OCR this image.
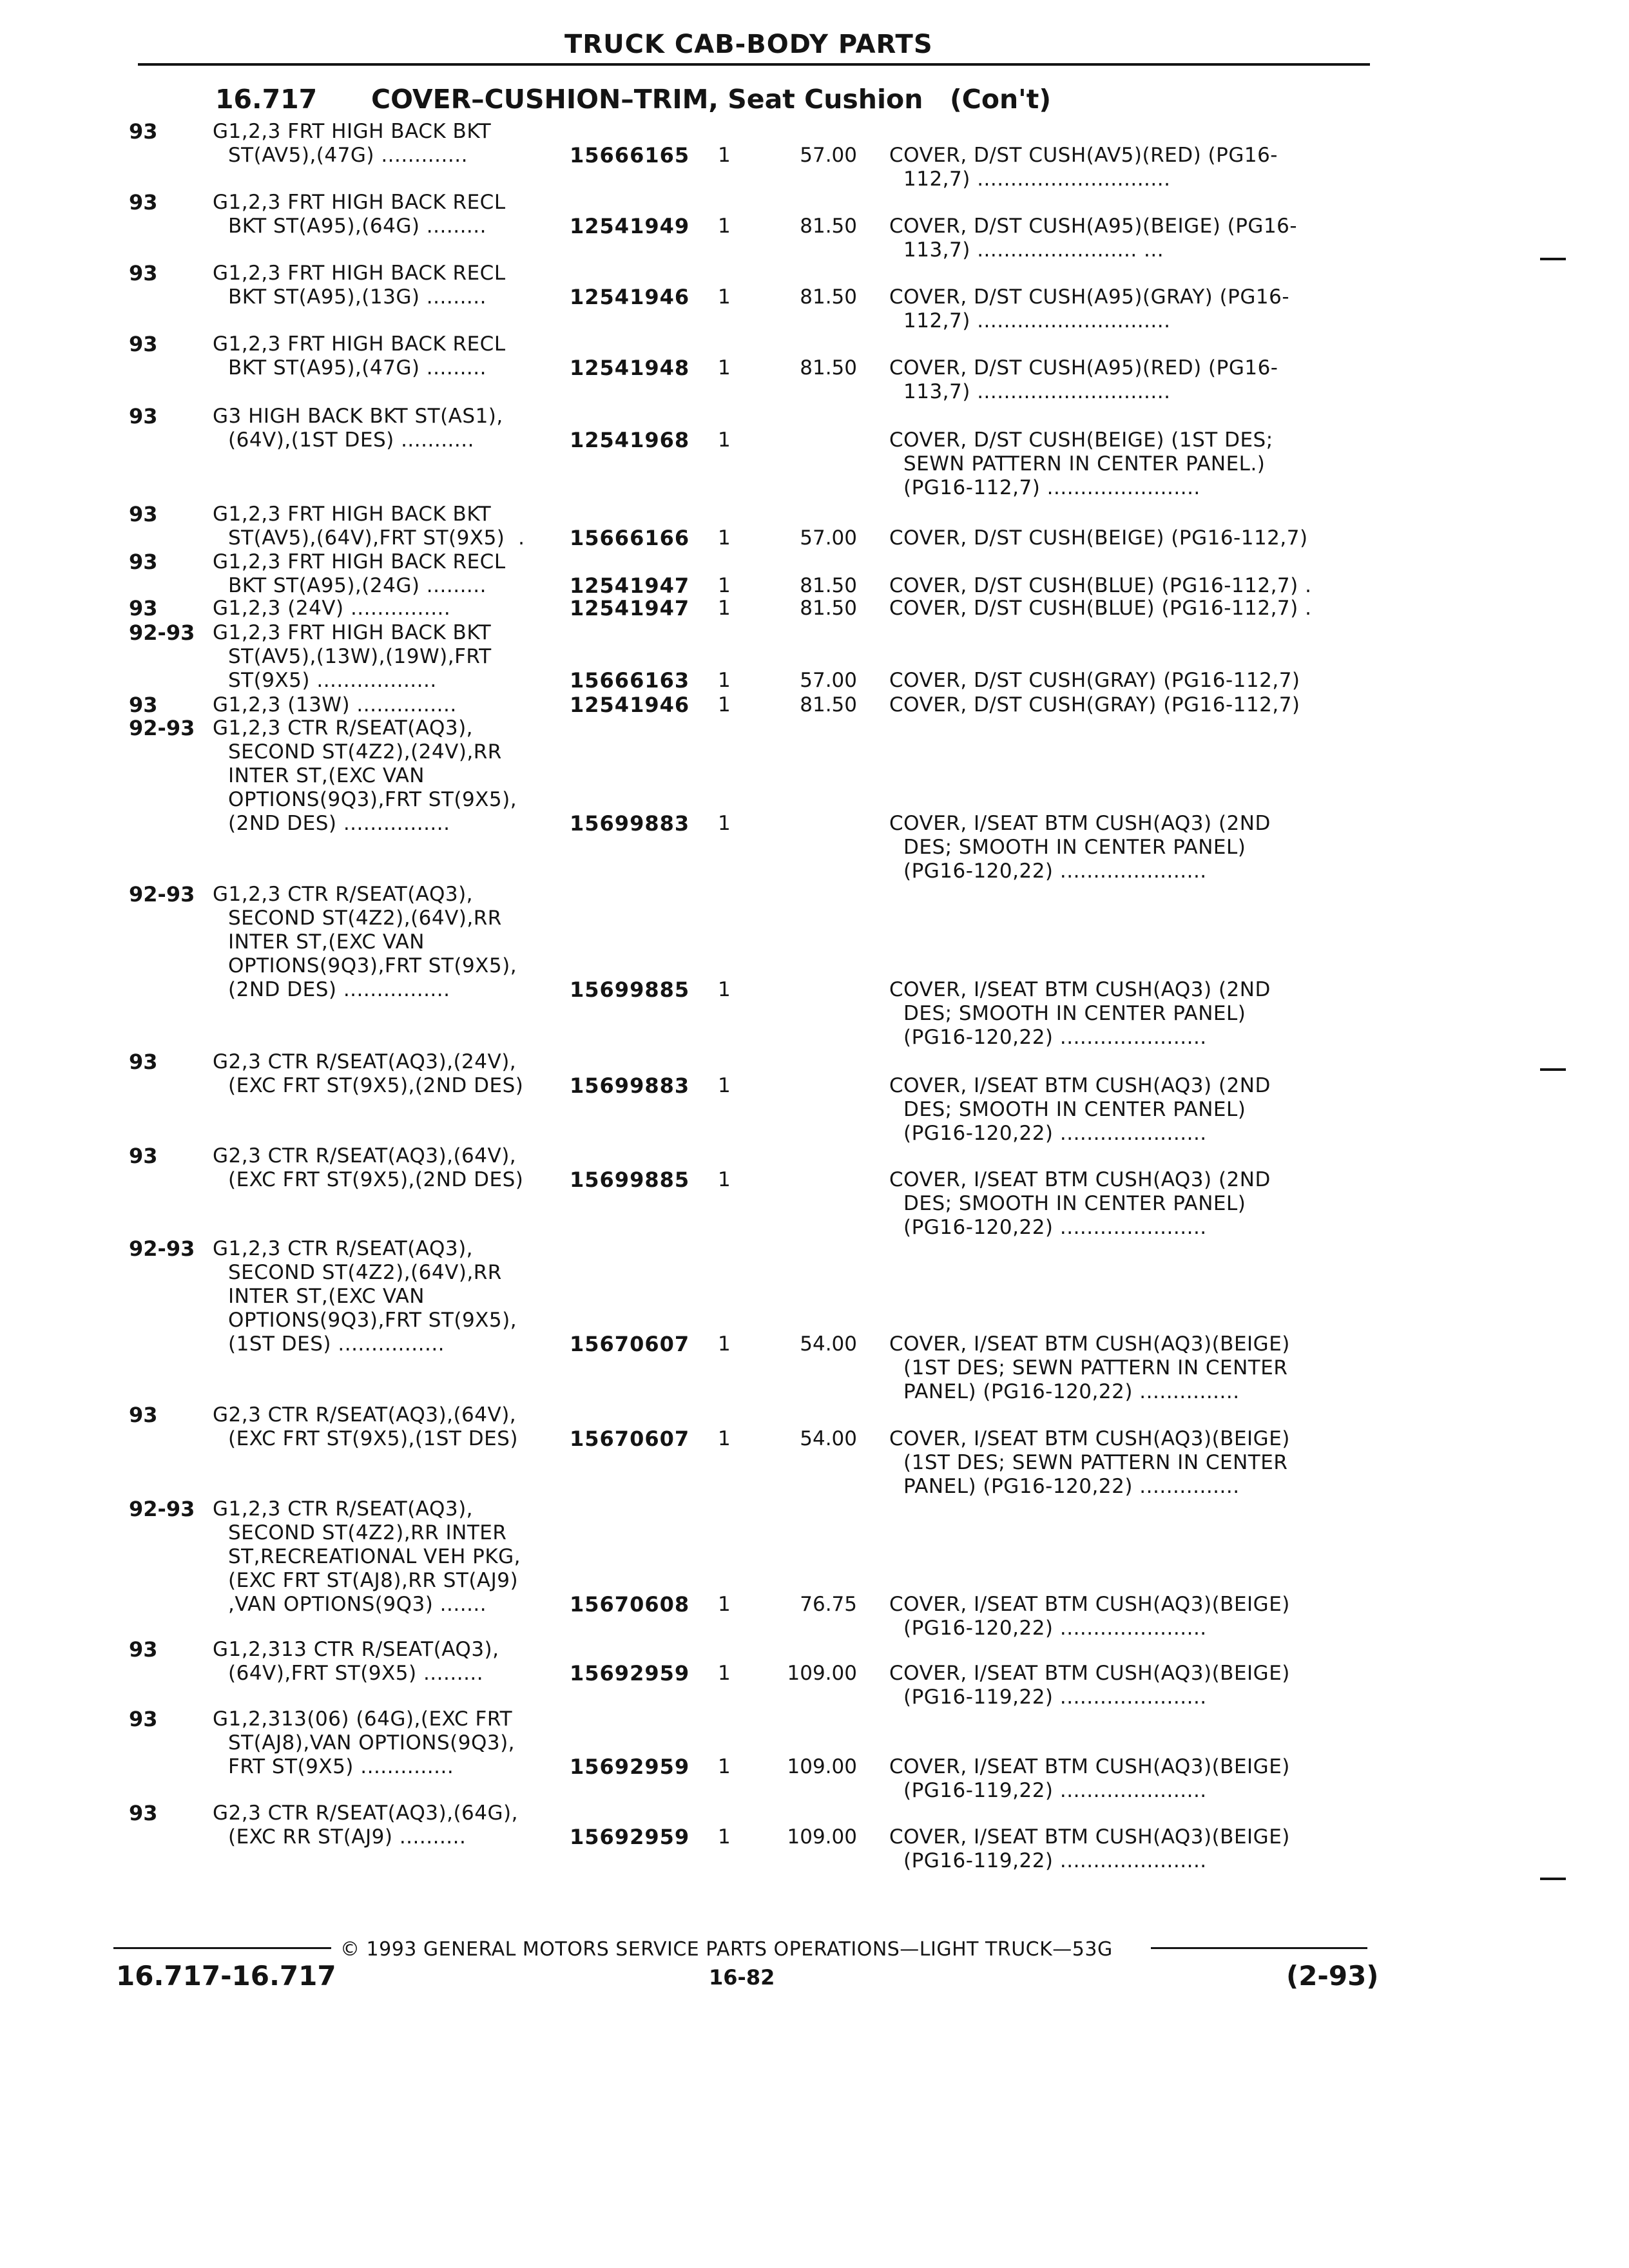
TRUCK CAB-BODY PARTS
16.717 COVER–CUSHION–TRIM, Seat Cushion (Con't)
93	G1,2,3 FRT HIGH BACK BKT
ST(AV5),(47G) .............	15666165 1	57.00 COVER, D/ST CUSH(AV5)(RED) (PG16-
112,7) .............................
93	G1,2,3 FRT HIGH BACK RECL
BKT ST(A95),(64G) .........	12541949 1	81.50 COVER, D/ST CUSH(A95)(BEIGE) (PG16-
113,7) ........................ ...
93	G1,2,3 FRT HIGH BACK RECL
BKT ST(A95),(13G) .........	12541946 1	81.50 COVER, D/ST CUSH(A95)(GRAY) (PG16-
112,7) .............................
93	G1,2,3 FRT HIGH BACK RECL
BKT ST(A95),(47G) .........	12541948 1	81.50 COVER, D/ST CUSH(A95)(RED) (PG16-
113,7) .............................
93	G3 HIGH BACK BKT ST(AS1),
(64V),(1ST DES) ...........	12541968 1	COVER, D/ST CUSH(BEIGE) (1ST DES;
SEWN PATTERN IN CENTER PANEL.)
(PG16-112,7) .......................
93	G1,2,3 FRT HIGH BACK BKT
ST(AV5),(64V),FRT ST(9X5)  .	15666166 1	57.00 COVER, D/ST CUSH(BEIGE) (PG16-112,7)
93	G1,2,3 FRT HIGH BACK RECL
BKT ST(A95),(24G) .........	12541947 1	81.50 COVER, D/ST CUSH(BLUE) (PG16-112,7) .
93	G1,2,3 (24V) ...............	12541947 1	81.50 COVER, D/ST CUSH(BLUE) (PG16-112,7) .
92-93 G1,2,3 FRT HIGH BACK BKT
ST(AV5),(13W),(19W),FRT
ST(9X5) ..................	15666163 1	57.00 COVER, D/ST CUSH(GRAY) (PG16-112,7)
93	G1,2,3 (13W) ...............	12541946 1	81.50 COVER, D/ST CUSH(GRAY) (PG16-112,7)
92-93 G1,2,3 CTR R/SEAT(AQ3),
SECOND ST(4Z2),(24V),RR
INTER ST,(EXC VAN
OPTIONS(9Q3),FRT ST(9X5),
(2ND DES) ................	15699883 1	COVER, I/SEAT BTM CUSH(AQ3) (2ND
DES; SMOOTH IN CENTER PANEL)
(PG16-120,22) ......................
92-93 G1,2,3 CTR R/SEAT(AQ3),
SECOND ST(4Z2),(64V),RR
INTER ST,(EXC VAN
OPTIONS(9Q3),FRT ST(9X5),
(2ND DES) ................	15699885 1	COVER, I/SEAT BTM CUSH(AQ3) (2ND
DES; SMOOTH IN CENTER PANEL)
(PG16-120,22) ......................
93	G2,3 CTR R/SEAT(AQ3),(24V),
(EXC FRT ST(9X5),(2ND DES)	15699883 1	COVER, I/SEAT BTM CUSH(AQ3) (2ND
DES; SMOOTH IN CENTER PANEL)
(PG16-120,22) ......................
93	G2,3 CTR R/SEAT(AQ3),(64V),
(EXC FRT ST(9X5),(2ND DES)	15699885 1	COVER, I/SEAT BTM CUSH(AQ3) (2ND
DES; SMOOTH IN CENTER PANEL)
(PG16-120,22) ......................
92-93 G1,2,3 CTR R/SEAT(AQ3),
SECOND ST(4Z2),(64V),RR
INTER ST,(EXC VAN
OPTIONS(9Q3),FRT ST(9X5),
(1ST DES) ................	15670607 1	54.00 COVER, I/SEAT BTM CUSH(AQ3)(BEIGE)
(1ST DES; SEWN PATTERN IN CENTER
PANEL) (PG16-120,22) ...............
93	G2,3 CTR R/SEAT(AQ3),(64V),
(EXC FRT ST(9X5),(1ST DES)	15670607 1	54.00 COVER, I/SEAT BTM CUSH(AQ3)(BEIGE)
(1ST DES; SEWN PATTERN IN CENTER
PANEL) (PG16-120,22) ...............
92-93 G1,2,3 CTR R/SEAT(AQ3),
SECOND ST(4Z2),RR INTER
ST,RECREATIONAL VEH PKG,
(EXC FRT ST(AJ8),RR ST(AJ9)
,VAN OPTIONS(9Q3) .......	15670608 1	76.75 COVER, I/SEAT BTM CUSH(AQ3)(BEIGE)
(PG16-120,22) ......................
93	G1,2,313 CTR R/SEAT(AQ3),
(64V),FRT ST(9X5) .........	15692959 1	109.00 COVER, I/SEAT BTM CUSH(AQ3)(BEIGE)
(PG16-119,22) ......................
93	G1,2,313(06) (64G),(EXC FRT
ST(AJ8),VAN OPTIONS(9Q3),
FRT ST(9X5) ..............	15692959 1	109.00 COVER, I/SEAT BTM CUSH(AQ3)(BEIGE)
(PG16-119,22) ......................
93	G2,3 CTR R/SEAT(AQ3),(64G),
(EXC RR ST(AJ9) ..........	15692959 1	109.00 COVER, I/SEAT BTM CUSH(AQ3)(BEIGE)
(PG16-119,22) ......................
© 1993 GENERAL MOTORS SERVICE PARTS OPERATIONS—LIGHT TRUCK—53G
16.717-16.717	16-82	(2-93)
